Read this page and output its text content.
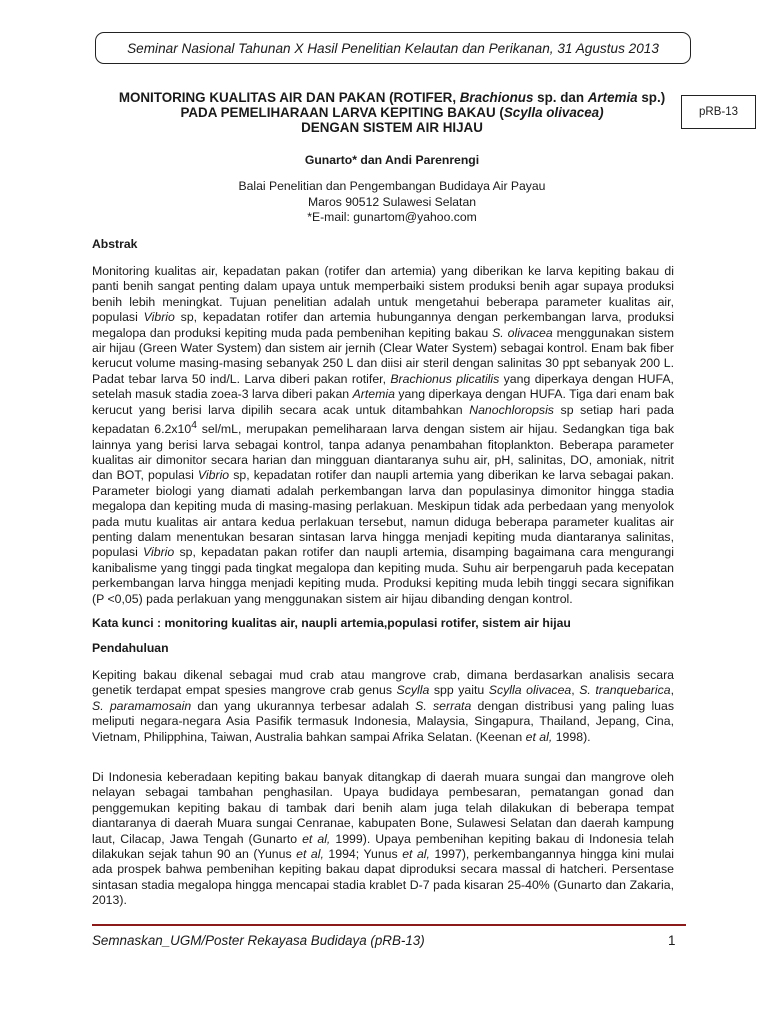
Seminar Nasional Tahunan X Hasil Penelitian Kelautan dan Perikanan, 31 Agustus 2013
pRB-13
MONITORING KUALITAS AIR DAN PAKAN (ROTIFER, Brachionus sp. dan Artemia sp.)
PADA PEMELIHARAAN LARVA KEPITING BAKAU (Scylla olivacea)
DENGAN SISTEM AIR HIJAU
Gunarto* dan Andi Parenrengi
Balai Penelitian dan Pengembangan Budidaya Air Payau
Maros 90512 Sulawesi Selatan
*E-mail: gunartom@yahoo.com
Abstrak

Monitoring kualitas air, kepadatan pakan (rotifer dan artemia) yang diberikan ke larva kepiting bakau di panti benih sangat penting dalam upaya untuk memperbaiki sistem produksi benih agar supaya produksi benih lebih meningkat. Tujuan penelitian adalah untuk mengetahui beberapa parameter kualitas air, populasi Vibrio sp, kepadatan rotifer dan artemia hubungannya dengan perkembangan larva, produksi megalopa dan produksi kepiting muda pada pembenihan kepiting bakau S. olivacea menggunakan sistem air hijau (Green Water System) dan sistem air jernih (Clear Water System) sebagai kontrol. Enam bak fiber kerucut volume masing-masing sebanyak 250 L dan diisi air steril dengan salinitas 30 ppt sebanyak 200 L. Padat tebar larva 50 ind/L. Larva diberi pakan rotifer, Brachionus plicatilis yang diperkaya dengan HUFA, setelah masuk stadia zoea-3 larva diberi pakan Artemia yang diperkaya dengan HUFA. Tiga dari enam bak kerucut yang berisi larva dipilih secara acak untuk ditambahkan Nanochloropsis sp setiap hari pada kepadatan $6.2x10^4$ sel/mL, merupakan pemeliharaan larva dengan sistem air hijau. Sedangkan tiga bak lainnya yang berisi larva sebagai kontrol, tanpa adanya penambahan fitoplankton. Beberapa parameter kualitas air dimonitor secara harian dan mingguan diantaranya suhu air, pH, salinitas, DO, amoniak, nitrit dan BOT, populasi Vibrio sp, kepadatan rotifer dan naupli artemia yang diberikan ke larva sebagai pakan. Parameter biologi yang diamati adalah perkembangan larva dan populasinya dimonitor hingga stadia megalopa dan kepiting muda di masing-masing perlakuan. Meskipun tidak ada perbedaan yang menyolok pada mutu kualitas air antara kedua perlakuan tersebut, namun diduga beberapa parameter kualitas air penting dalam menentukan besaran sintasan larva hingga menjadi kepiting muda diantaranya salinitas, populasi Vibrio sp, kepadatan pakan rotifer dan naupli artemia, disamping bagaimana cara mengurangi kanibalisme yang tinggi pada tingkat megalopa dan kepiting muda. Suhu air berpengaruh pada kecepatan perkembangan larva hingga menjadi kepiting muda. Produksi kepiting muda lebih tinggi secara signifikan (P <0,05) pada perlakuan yang menggunakan sistem air hijau dibanding dengan kontrol.

Kata kunci : monitoring kualitas air, naupli artemia,populasi rotifer, sistem air hijau
Pendahuluan

Kepiting bakau dikenal sebagai mud crab atau mangrove crab, dimana berdasarkan analisis secara genetik terdapat empat spesies mangrove crab genus Scylla spp yaitu Scylla olivacea, S. tranquebarica, S. paramamosain dan yang ukurannya terbesar adalah S. serrata dengan distribusi yang paling luas meliputi negara-negara Asia Pasifik termasuk Indonesia, Malaysia, Singapura, Thailand, Jepang, Cina, Vietnam, Philipphina, Taiwan, Australia bahkan sampai Afrika Selatan. (Keenan et al, 1998).

Di Indonesia keberadaan kepiting bakau banyak ditangkap di daerah muara sungai dan mangrove oleh nelayan sebagai tambahan penghasilan. Upaya budidaya pembesaran, pematangan gonad dan penggemukan kepiting bakau di tambak dari benih alam juga telah dilakukan di beberapa tempat diantaranya di daerah Muara sungai Cenranae, kabupaten Bone, Sulawesi Selatan dan daerah kampung laut, Cilacap, Jawa Tengah (Gunarto et al, 1999). Upaya pembenihan kepiting bakau di Indonesia telah dilakukan sejak tahun 90 an (Yunus et al, 1994; Yunus et al, 1997), perkembangannya hingga kini mulai ada prospek bahwa pembenihan kepiting bakau dapat diproduksi secara massal di hatcheri. Persentase sintasan stadia megalopa hingga mencapai stadia krablet D-7 pada kisaran 25-40% (Gunarto dan Zakaria, 2013).

Semnaskan_UGM/Poster Rekayasa Budidaya (pRB-13)	1
